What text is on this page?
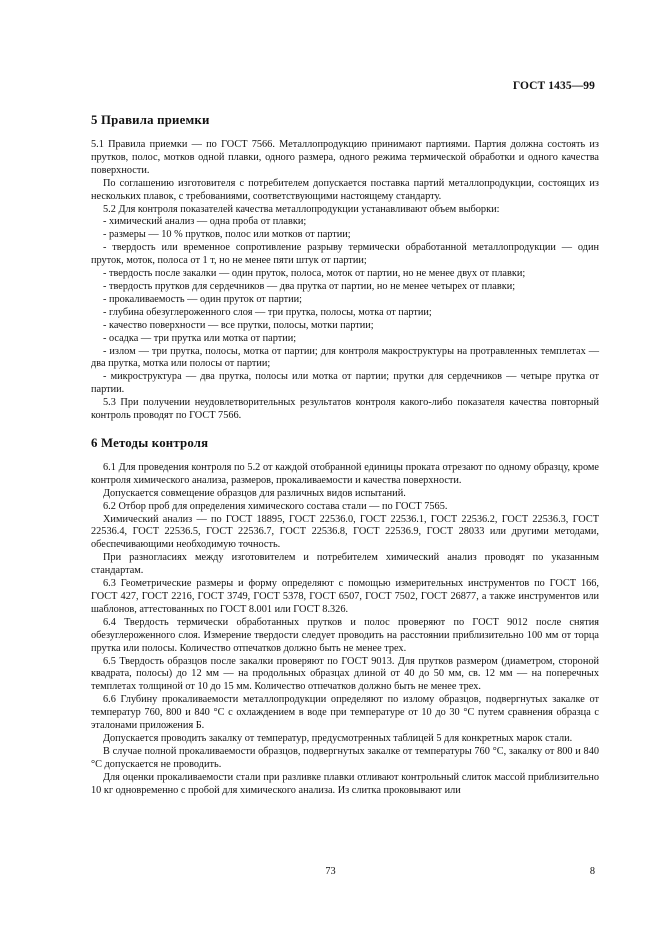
ГОСТ 1435—99
5 Правила приемки

5.1 Правила приемки — по ГОСТ 7566. Металлопродукцию принимают партиями. Партия должна состоять из прутков, полос, мотков одной плавки, одного размера, одного режима термической обработки и одного качества поверхности.

По соглашению изготовителя с потребителем допускается поставка партий металлопродукции, состоящих из нескольких плавок, с требованиями, соответствующими настоящему стандарту.

5.2 Для контроля показателей качества металлопродукции устанавливают объем выборки:

- химический анализ — одна проба от плавки;

- размеры — 10 % прутков, полос или мотков от партии;

- твердость или временное сопротивление разрыву термически обработанной металлопродукции — один пруток, моток, полоса от 1 т, но не менее пяти штук от партии;

- твердость после закалки — один пруток, полоса, моток от партии, но не менее двух от плавки;

- твердость прутков для сердечников — два прутка от партии, но не менее четырех от плавки;

- прокаливаемость — один пруток от партии;

- глубина обезуглероженного слоя — три прутка, полосы, мотка от партии;

- качество поверхности — все прутки, полосы, мотки партии;

- осадка — три прутка или мотка от партии;

- излом — три прутка, полосы, мотка от партии; для контроля макроструктуры на протравленных темплетах — два прутка, мотка или полосы от партии;

- микроструктура — два прутка, полосы или мотка от партии; прутки для сердечников — четыре прутка от партии.

5.3 При получении неудовлетворительных результатов контроля какого-либо показателя качества повторный контроль проводят по ГОСТ 7566.

6 Методы контроля

6.1 Для проведения контроля по 5.2 от каждой отобранной единицы проката отрезают по одному образцу, кроме контроля химического анализа, размеров, прокаливаемости и качества поверхности.

Допускается совмещение образцов для различных видов испытаний.

6.2 Отбор проб для определения химического состава стали — по ГОСТ 7565.

Химический анализ — по ГОСТ 18895, ГОСТ 22536.0, ГОСТ 22536.1, ГОСТ 22536.2, ГОСТ 22536.3, ГОСТ 22536.4, ГОСТ 22536.5, ГОСТ 22536.7, ГОСТ 22536.8, ГОСТ 22536.9, ГОСТ 28033 или другими методами, обеспечивающими необходимую точность.

При разногласиях между изготовителем и потребителем химический анализ проводят по указанным стандартам.

6.3 Геометрические размеры и форму определяют с помощью измерительных инструментов по ГОСТ 166, ГОСТ 427, ГОСТ 2216, ГОСТ 3749, ГОСТ 5378, ГОСТ 6507, ГОСТ 7502, ГОСТ 26877, а также инструментов или шаблонов, аттестованных по ГОСТ 8.001 или ГОСТ 8.326.

6.4 Твердость термически обработанных прутков и полос проверяют по ГОСТ 9012 после снятия обезуглероженного слоя. Измерение твердости следует проводить на расстоянии приблизительно 100 мм от торца прутка или полосы. Количество отпечатков должно быть не менее трех.

6.5 Твердость образцов после закалки проверяют по ГОСТ 9013. Для прутков размером (диаметром, стороной квадрата, полосы) до 12 мм — на продольных образцах длиной от 40 до 50 мм, св. 12 мм — на поперечных темплетах толщиной от 10 до 15 мм. Количество отпечатков должно быть не менее трех.

6.6 Глубину прокаливаемости металлопродукции определяют по излому образцов, подвергнутых закалке от температур 760, 800 и 840 °С с охлаждением в воде при температуре от 10 до 30 °С путем сравнения образца с эталонами приложения Б.

Допускается проводить закалку от температур, предусмотренных таблицей 5 для конкретных марок стали.

В случае полной прокаливаемости образцов, подвергнутых закалке от температуры 760 °С, закалку от 800 и 840 °С допускается не проводить.

Для оценки прокаливаемости стали при разливке плавки отливают контрольный слиток массой приблизительно 10 кг одновременно с пробой для химического анализа. Из слитка проковывают или

73	8
